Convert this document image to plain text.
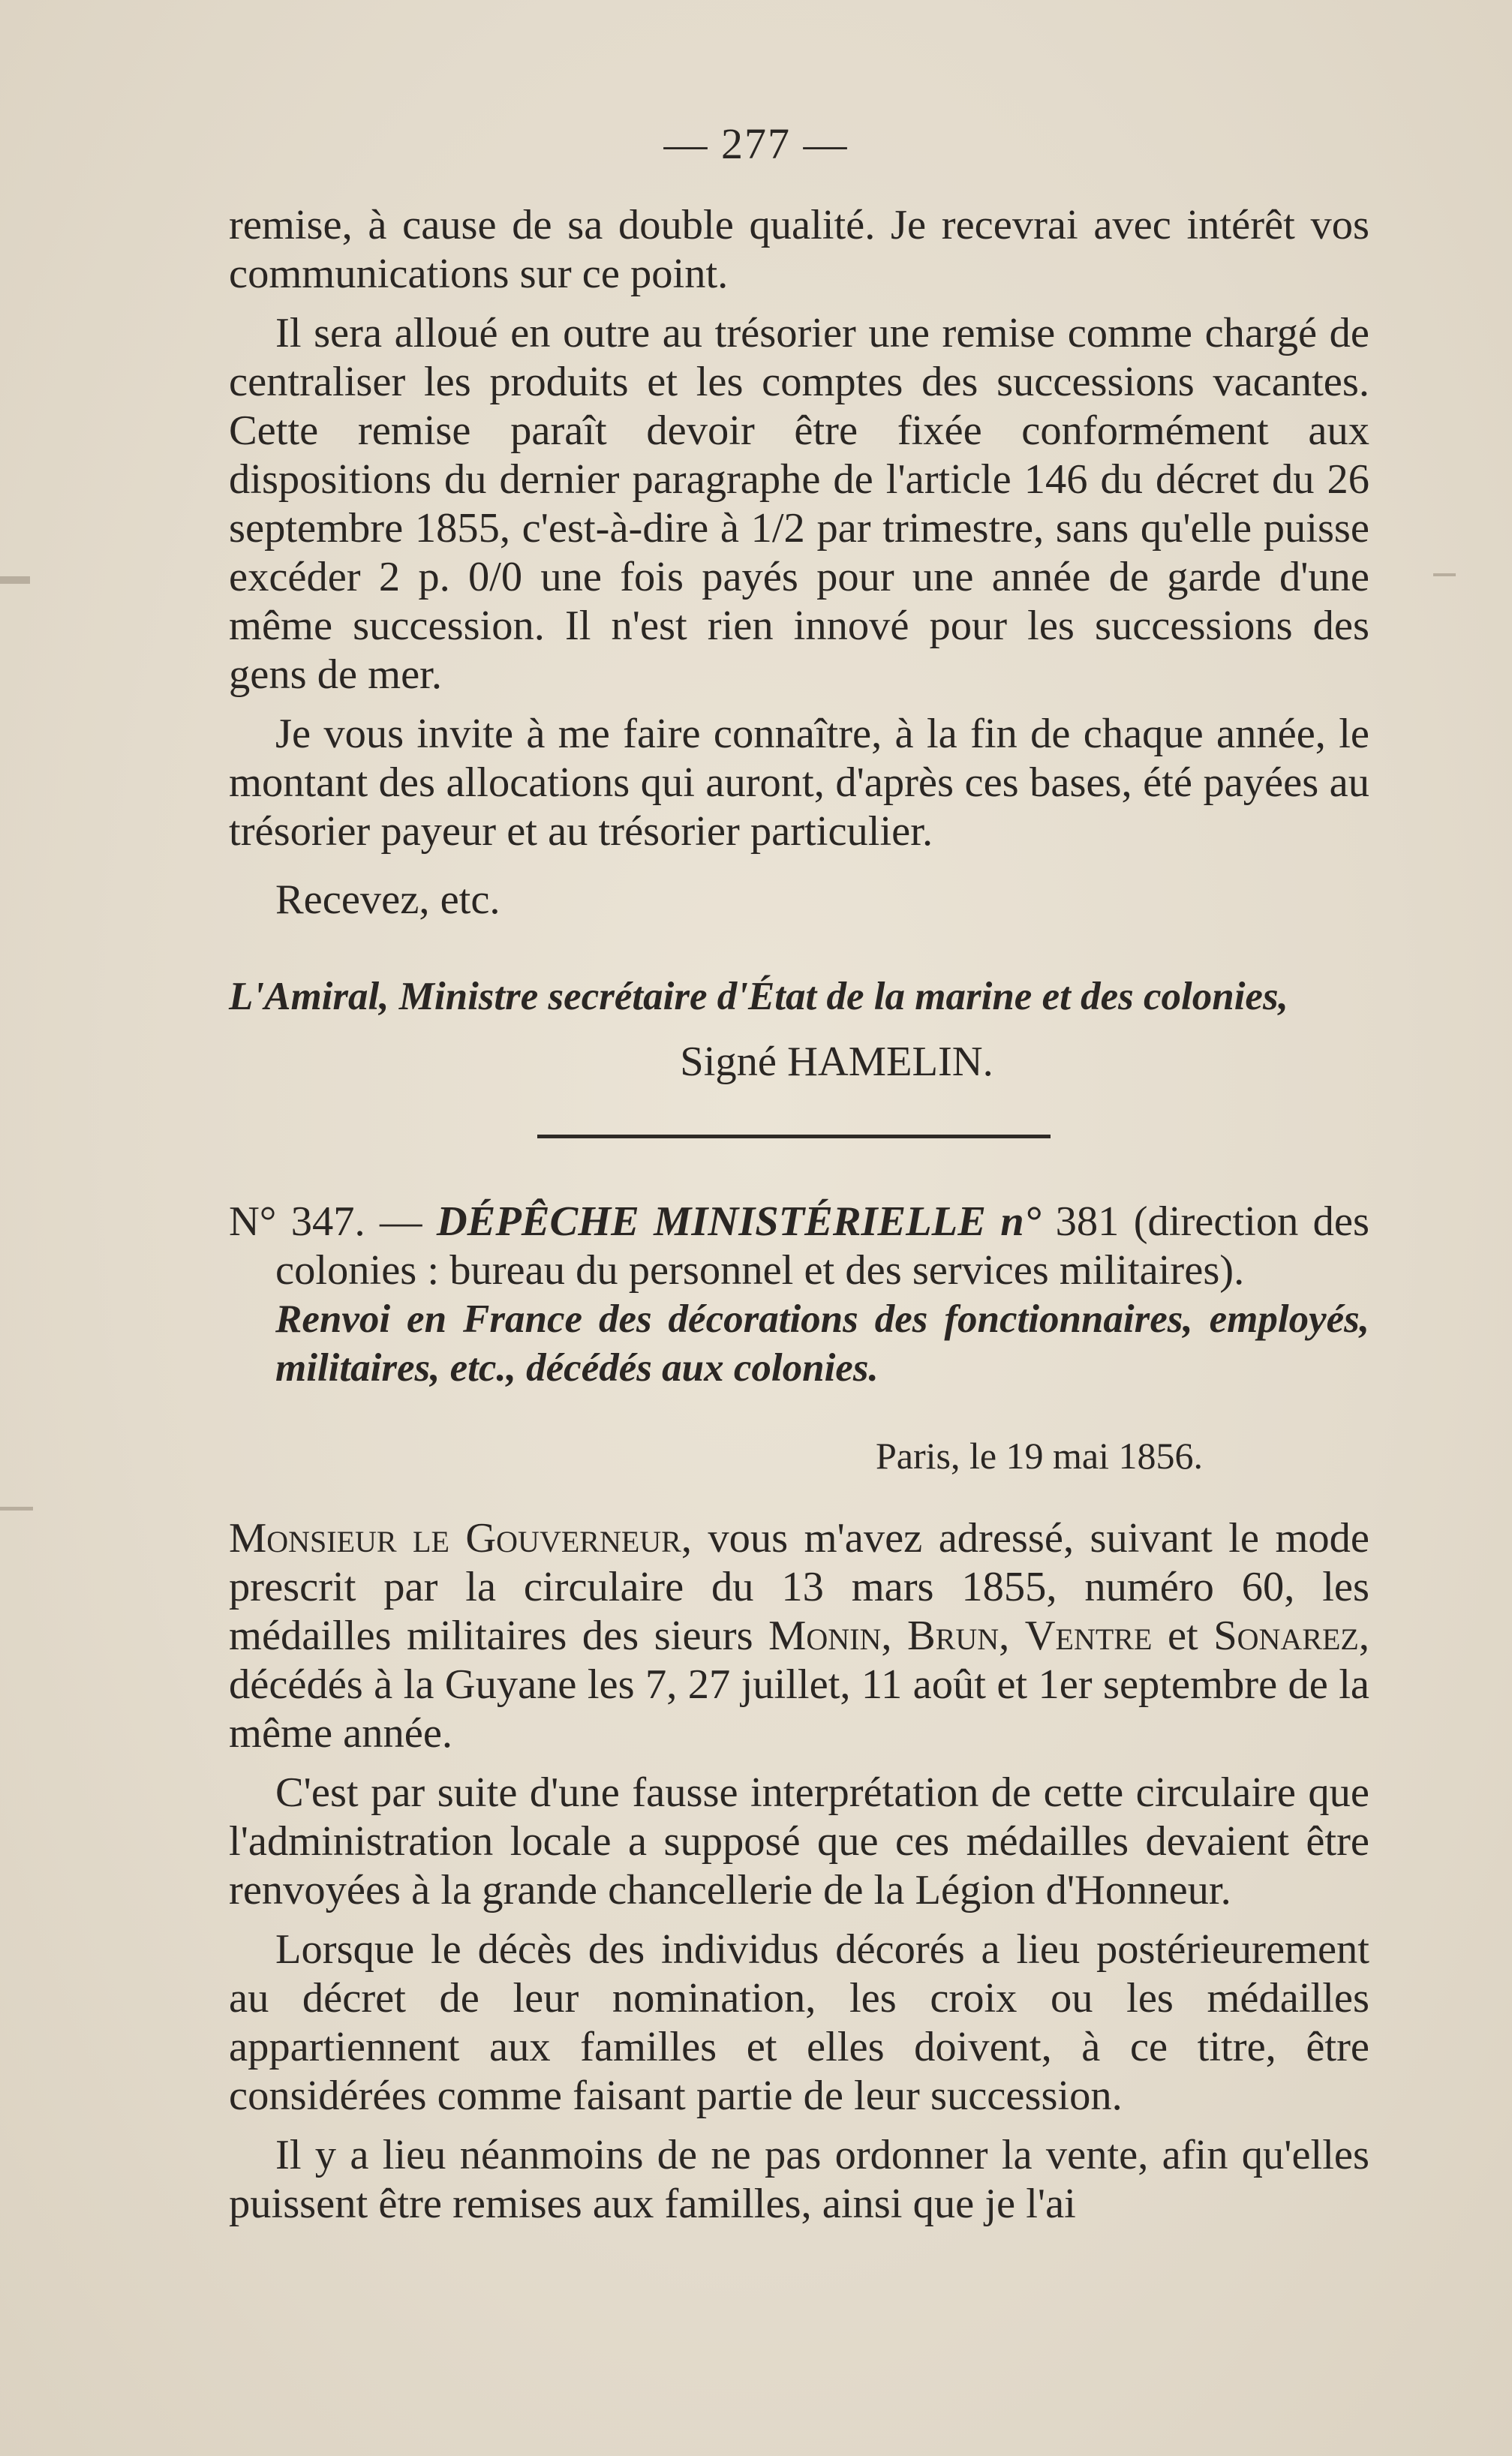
— 277 —

remise, à cause de sa double qualité. Je recevrai avec intérêt vos communications sur ce point.

Il sera alloué en outre au trésorier une remise comme chargé de centraliser les produits et les comptes des successions vacantes. Cette remise paraît devoir être fixée conformément aux dispositions du dernier paragraphe de l'article 146 du décret du 26 septembre 1855, c'est-à-dire à 1/2 par trimestre, sans qu'elle puisse excéder 2 p. 0/0 une fois payés pour une année de garde d'une même succession. Il n'est rien innové pour les successions des gens de mer.

Je vous invite à me faire connaître, à la fin de chaque année, le montant des allocations qui auront, d'après ces bases, été payées au trésorier payeur et au trésorier particulier.

Recevez, etc.

L'Amiral, Ministre secrétaire d'État de la marine et des colonies,

Signé HAMELIN.

N° 347. — DÉPÊCHE MINISTÉRIELLE n° 381 (direction des colonies : bureau du personnel et des services militaires).

Renvoi en France des décorations des fonctionnaires, employés, militaires, etc., décédés aux colonies.

Paris, le 19 mai 1856.

Monsieur le Gouverneur, vous m'avez adressé, suivant le mode prescrit par la circulaire du 13 mars 1855, numéro 60, les médailles militaires des sieurs Monin, Brun, Ventre et Sonarez, décédés à la Guyane les 7, 27 juillet, 11 août et 1er septembre de la même année.

C'est par suite d'une fausse interprétation de cette circulaire que l'administration locale a supposé que ces médailles devaient être renvoyées à la grande chancellerie de la Légion d'Honneur.

Lorsque le décès des individus décorés a lieu postérieurement au décret de leur nomination, les croix ou les médailles appartiennent aux familles et elles doivent, à ce titre, être considérées comme faisant partie de leur succession.

Il y a lieu néanmoins de ne pas ordonner la vente, afin qu'elles puissent être remises aux familles, ainsi que je l'ai
